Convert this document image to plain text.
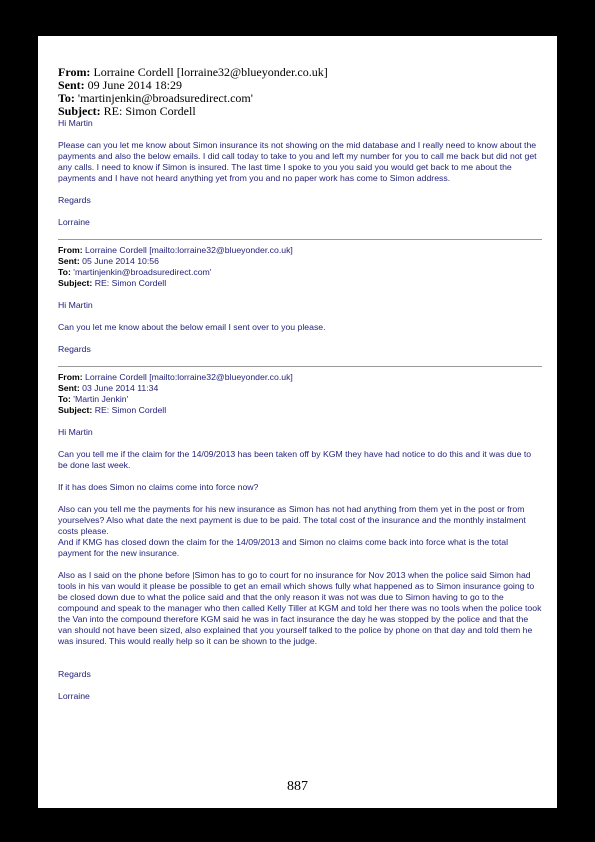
From: Lorraine Cordell [lorraine32@blueyonder.co.uk]
Sent: 09 June 2014 18:29
To: 'martinjenkin@broadsuredirect.com'
Subject: RE: Simon Cordell

Hi Martin

Please can you let me know about Simon insurance its not showing on the mid database and I really need to know about the payments and also the below emails. I did call today to take to you and left my number for you to call me back but did not get any calls. I need to know if Simon is insured. The last time I spoke to you you said you would get back to me about the payments and I have not heard anything yet from you and no paper work has come to Simon address.

Regards

Lorraine

From: Lorraine Cordell [mailto:lorraine32@blueyonder.co.uk]
Sent: 05 June 2014 10:56
To: 'martinjenkin@broadsuredirect.com'
Subject: RE: Simon Cordell

Hi Martin

Can you let me know about the below email I sent over to you please.

Regards

From: Lorraine Cordell [mailto:lorraine32@blueyonder.co.uk]
Sent: 03 June 2014 11:34
To: 'Martin Jenkin'
Subject: RE: Simon Cordell

Hi Martin

Can you tell me if the claim for the 14/09/2013 has been taken off by KGM they have had notice to do this and it was due to be done last week.

If it has does Simon no claims come into force now?

Also can you tell me the payments for his new insurance as Simon has not had anything from them yet in the post or from yourselves? Also what date the next payment is due to be paid. The total cost of the insurance and the monthly instalment costs please.

And if KMG has closed down the claim for the 14/09/2013 and Simon no claims come back into force what is the total payment for the new insurance.

Also as I said on the phone before |Simon has to go to court for no insurance for Nov 2013 when the police said Simon had tools in his van would it please be possible to get an email which shows fully what happened as to Simon insurance going to be closed down due to what the police said and that the only reason it was not was due to Simon having to go to the compound and speak to the manager who then called Kelly Tiller at KGM and told her there was no tools when the police took the Van into the compound therefore KGM said he was in fact insurance the day he was stopped by the police and that the van should not have been sized, also explained that you yourself talked to the police by phone on that day and told them he was insured. This would really help so it can be shown to the judge.

Regards

Lorraine

887
